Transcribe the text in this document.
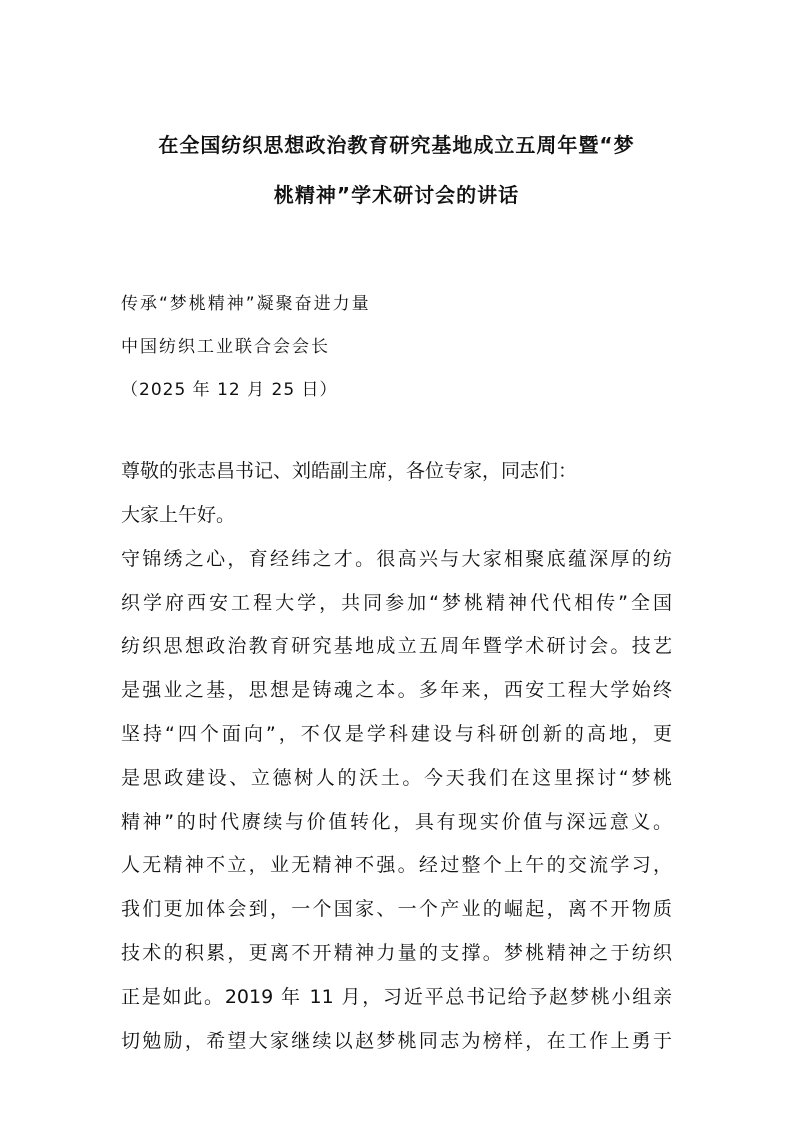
在全国纺织思想政治教育研究基地成立五周年暨“梦
桃精神”学术研讨会的讲话
传承“梦桃精神”凝聚奋进力量
中国纺织工业联合会会长
（2025 年 12 月 25 日）
尊敬的张志昌书记、刘皓副主席，各位专家，同志们：
大家上午好。
守锦绣之心，育经纬之才。很高兴与大家相聚底蕴深厚的纺
织学府西安工程大学，共同参加“梦桃精神代代相传”全国
纺织思想政治教育研究基地成立五周年暨学术研讨会。技艺
是强业之基，思想是铸魂之本。多年来，西安工程大学始终
坚持“四个面向”，不仅是学科建设与科研创新的高地，更
是思政建设、立德树人的沃土。今天我们在这里探讨“梦桃
精神”的时代赓续与价值转化，具有现实价值与深远意义。
人无精神不立，业无精神不强。经过整个上午的交流学习，
我们更加体会到，一个国家、一个产业的崛起，离不开物质
技术的积累，更离不开精神力量的支撑。梦桃精神之于纺织
正是如此。2019 年 11 月，习近平总书记给予赵梦桃小组亲
切勉励，希望大家继续以赵梦桃同志为榜样，在工作上勇于
